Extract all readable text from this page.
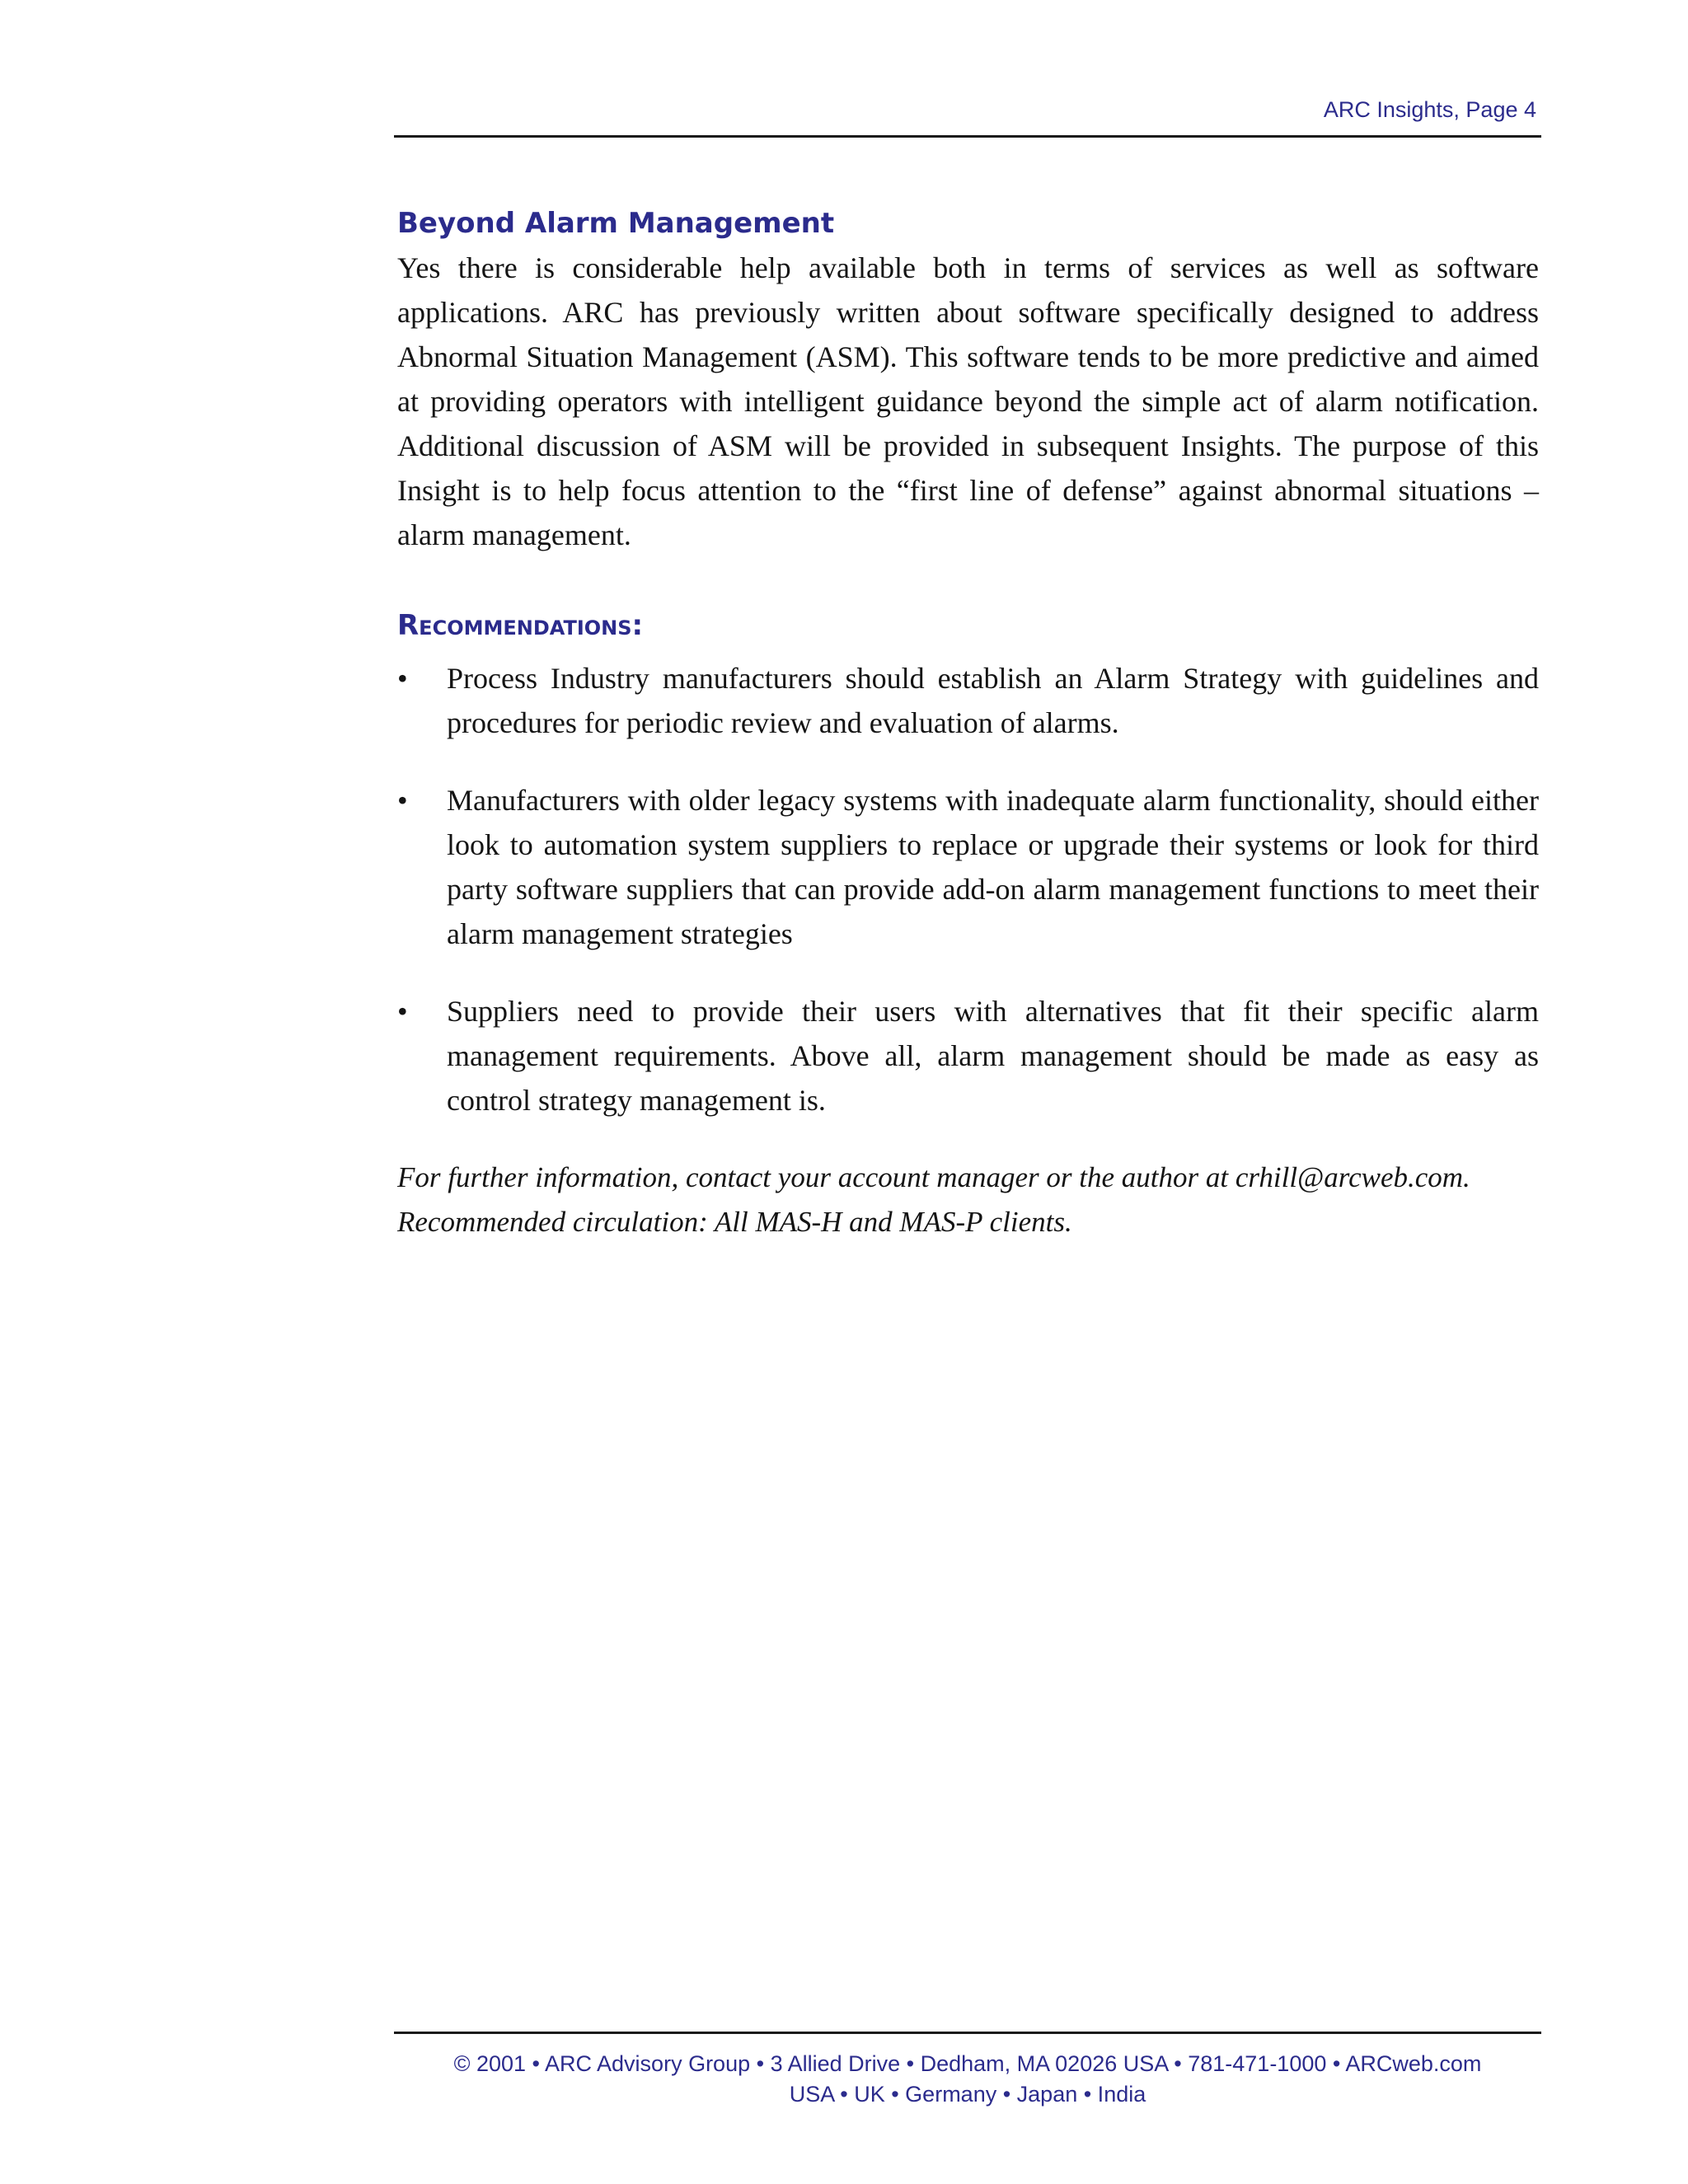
ARC Insights, Page 4
Beyond Alarm Management

Yes there is considerable help available both in terms of services as well as software applications. ARC has previously written about software specifically designed to address Abnormal Situation Management (ASM). This software tends to be more predictive and aimed at providing operators with intelligent guidance beyond the simple act of alarm notification. Additional discussion of ASM will be provided in subsequent Insights. The purpose of this Insight is to help focus attention to the “first line of defense” against abnormal situations – alarm management.

Recommendations:
• Process Industry manufacturers should establish an Alarm Strategy with guidelines and procedures for periodic review and evaluation of alarms.

• Manufacturers with older legacy systems with inadequate alarm functionality, should either look to automation system suppliers to replace or upgrade their systems or look for third party software suppliers that can provide add-on alarm management functions to meet their alarm management strategies

• Suppliers need to provide their users with alternatives that fit their specific alarm management requirements. Above all, alarm management should be made as easy as control strategy management is.

For further information, contact your account manager or the author at crhill@arcweb.com.

Recommended circulation: All MAS-H and MAS-P clients.

© 2001 • ARC Advisory Group • 3 Allied Drive • Dedham, MA 02026 USA • 781-471-1000 • ARCweb.com
USA • UK • Germany • Japan • India
